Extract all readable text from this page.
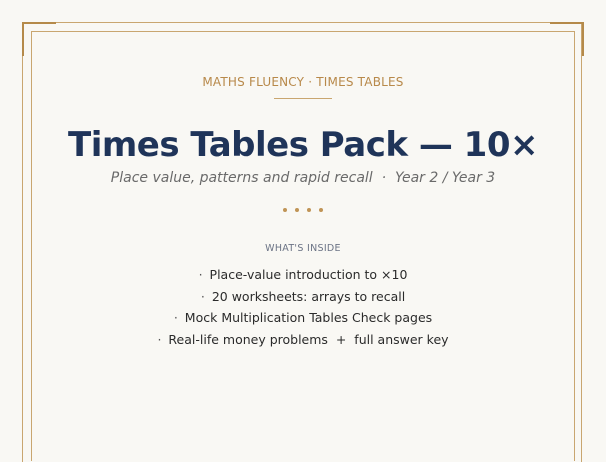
MATHS FLUENCY · TIMES TABLES
Times Tables Pack — 10×
Place value, patterns and rapid recall  ·  Year 2 / Year 3

WHAT'S INSIDE
· Place-value introduction to ×10
· 20 worksheets: arrays to recall
· Mock Multiplication Tables Check pages
· Real-life money problems  +  full answer key
